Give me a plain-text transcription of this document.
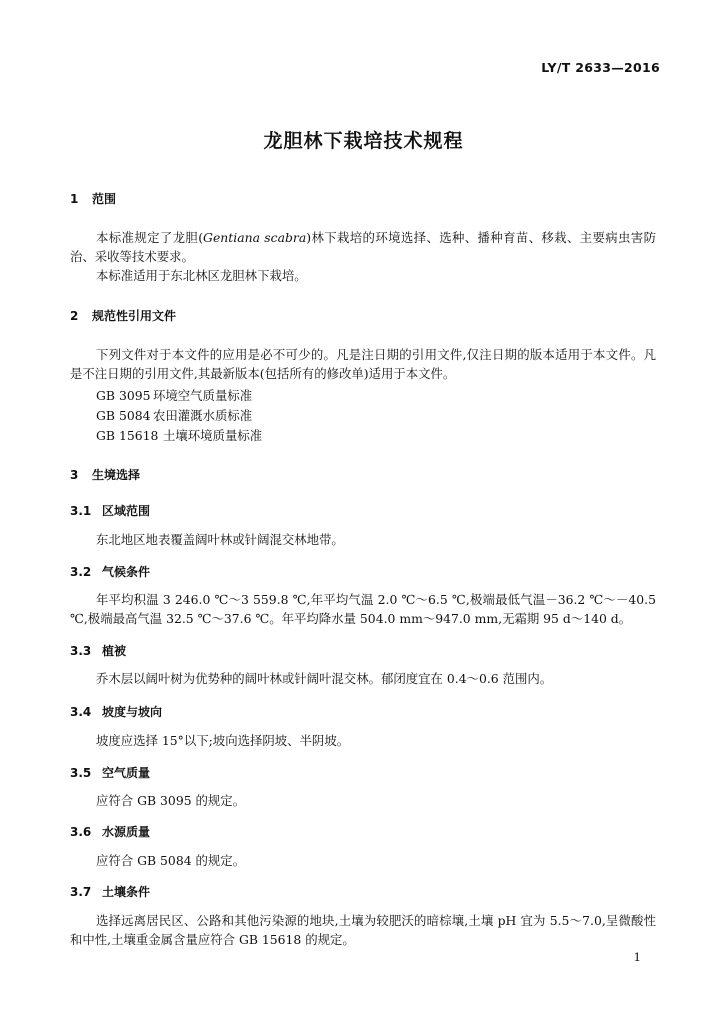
LY/T 2633—2016
龙胆林下栽培技术规程
1 范围
本标准规定了龙胆(Gentiana scabra)林下栽培的环境选择、选种、播种育苗、移栽、主要病虫害防治、采收等技术要求。
本标准适用于东北林区龙胆林下栽培。
2 规范性引用文件
下列文件对于本文件的应用是必不可少的。凡是注日期的引用文件,仅注日期的版本适用于本文件。凡是不注日期的引用文件,其最新版本(包括所有的修改单)适用于本文件。
GB 3095 环境空气质量标准
GB 5084 农田灌溉水质标准
GB 15618 土壤环境质量标准
3 生境选择
3.1 区域范围
东北地区地表覆盖阔叶林或针阔混交林地带。
3.2 气候条件
年平均积温 3 246.0 ℃～3 559.8 ℃,年平均气温 2.0 ℃～6.5 ℃,极端最低气温－36.2 ℃～－40.5 ℃,极端最高气温 32.5 ℃～37.6 ℃。年平均降水量 504.0 mm～947.0 mm,无霜期 95 d～140 d。
3.3 植被
乔木层以阔叶树为优势种的阔叶林或针阔叶混交林。郁闭度宜在 0.4～0.6 范围内。
3.4 坡度与坡向
坡度应选择 15°以下;坡向选择阴坡、半阴坡。
3.5 空气质量
应符合 GB 3095 的规定。
3.6 水源质量
应符合 GB 5084 的规定。
3.7 土壤条件
选择远离居民区、公路和其他污染源的地块,土壤为较肥沃的暗棕壤,土壤 pH 宜为 5.5～7.0,呈微酸性和中性,土壤重金属含量应符合 GB 15618 的规定。
1
